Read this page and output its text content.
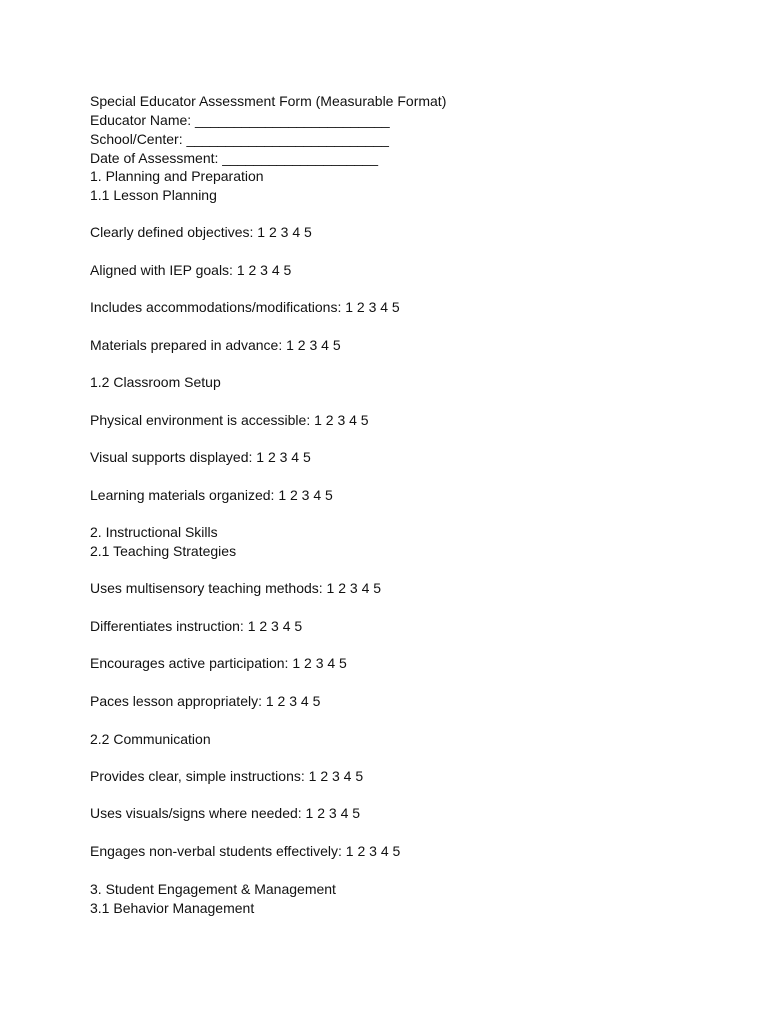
Special Educator Assessment Form (Measurable Format)
Educator Name: _________________________
School/Center: __________________________
Date of Assessment: ____________________
1. Planning and Preparation
1.1 Lesson Planning
Clearly defined objectives: 1 2 3 4 5
Aligned with IEP goals: 1 2 3 4 5
Includes accommodations/modifications: 1 2 3 4 5
Materials prepared in advance: 1 2 3 4 5
1.2 Classroom Setup
Physical environment is accessible: 1 2 3 4 5
Visual supports displayed: 1 2 3 4 5
Learning materials organized: 1 2 3 4 5
2. Instructional Skills
2.1 Teaching Strategies
Uses multisensory teaching methods: 1 2 3 4 5
Differentiates instruction: 1 2 3 4 5
Encourages active participation: 1 2 3 4 5
Paces lesson appropriately: 1 2 3 4 5
2.2 Communication
Provides clear, simple instructions: 1 2 3 4 5
Uses visuals/signs where needed: 1 2 3 4 5
Engages non-verbal students effectively: 1 2 3 4 5
3. Student Engagement & Management
3.1 Behavior Management
